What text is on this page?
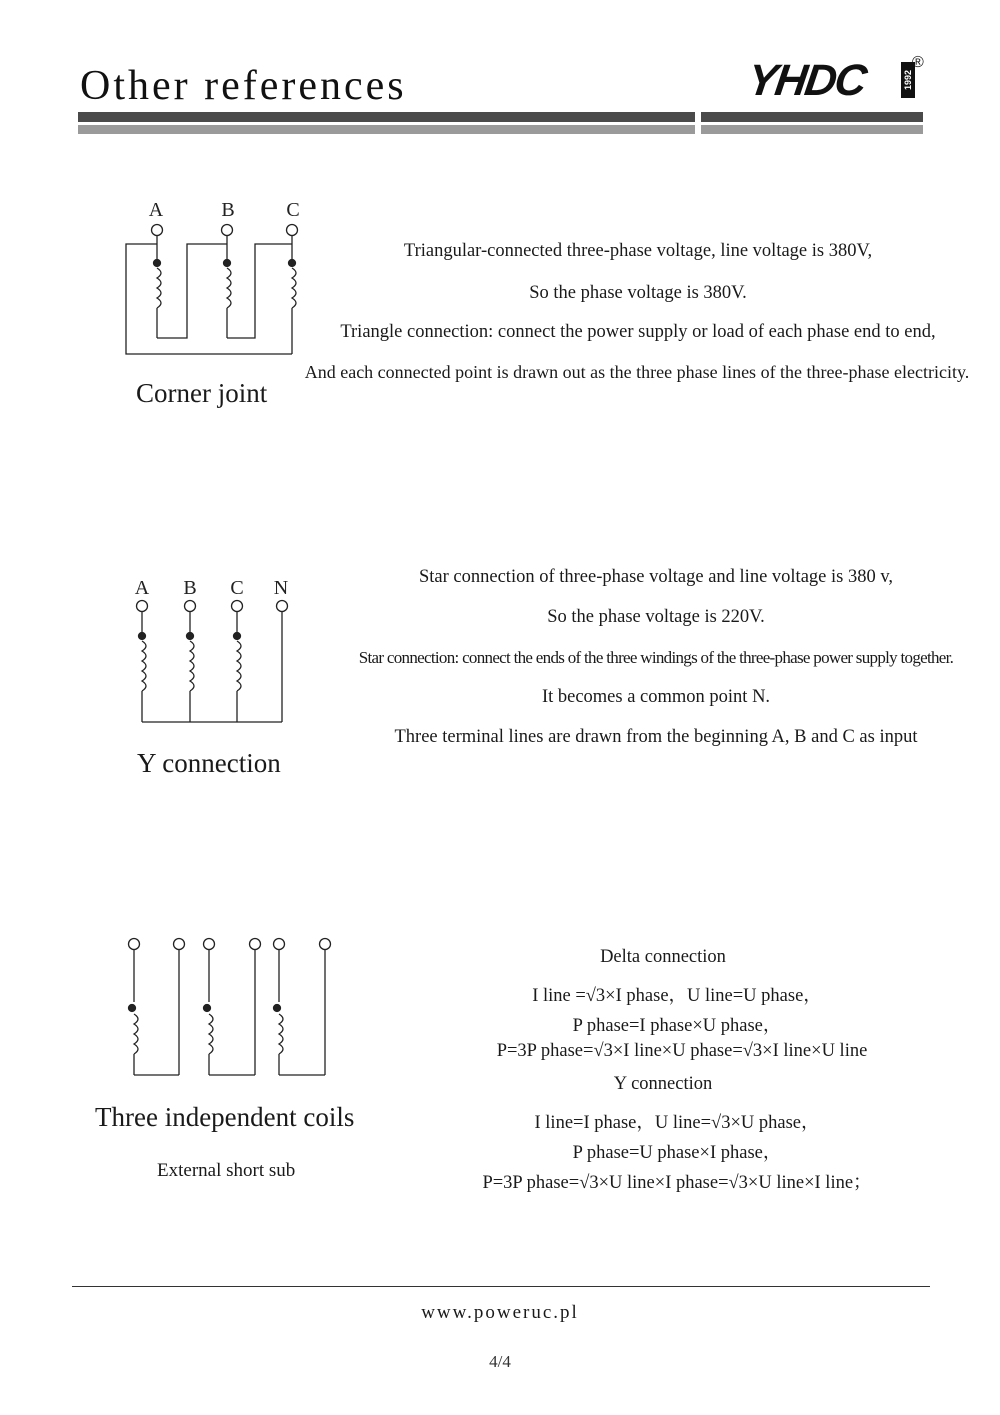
Other references	YHDC	1992
®
A	B	C
Corner joint
Triangular-connected three-phase voltage, line voltage is 380V,
So the phase voltage is 380V.
Triangle connection: connect the power supply or load of each phase end to end,
And each connected point is drawn out as the three phase lines of the three-phase electricity.
A B C N
Y connection
Star connection of three-phase voltage and line voltage is 380 v,
So the phase voltage is 220V.
Star connection: connect the ends of the three windings of the three-phase power supply together.
It becomes a common point N.
Three terminal lines are drawn from the beginning A, B and C as input
Three independent coils
External short sub
Delta connection
I line =√3×I phase，U line=U phase，
P phase=I phase×U phase，
P=3P phase=√3×I line×U phase=√3×I line×U line
Y connection
I line=I phase，U line=√3×U phase，
P phase=U phase×I phase，
P=3P phase=√3×U line×I phase=√3×U line×I line；
www.poweruc.pl
4/4
